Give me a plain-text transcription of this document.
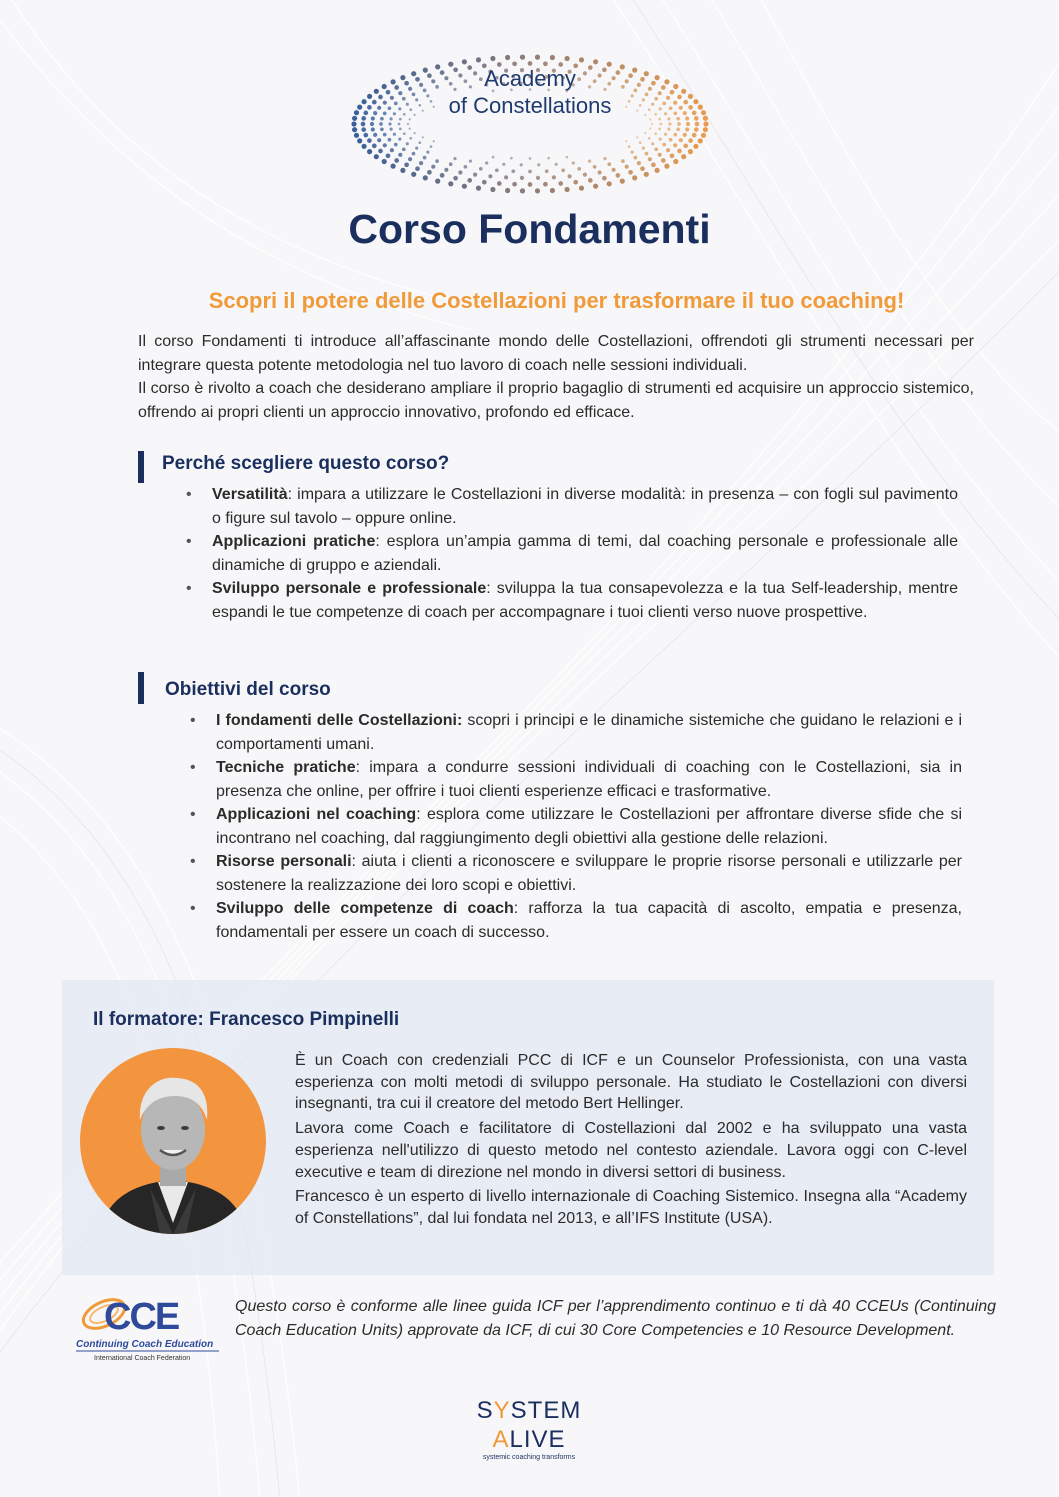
Academy
of Constellations
Corso Fondamenti
Scopri il potere delle Costellazioni per trasformare il tuo coaching!

Il corso Fondamenti ti introduce all’affascinante mondo delle Costellazioni, offrendoti gli strumenti necessari per integrare questa potente metodologia nel tuo lavoro di coach nelle sessioni individuali.

Il corso è rivolto a coach che desiderano ampliare il proprio bagaglio di strumenti ed acquisire un approccio sistemico, offrendo ai propri clienti un approccio innovativo, profondo ed efficace.

Perché scegliere questo corso?
• Versatilità: impara a utilizzare le Costellazioni in diverse modalità: in presenza – con fogli sul pavimento o figure sul tavolo – oppure online.
• Applicazioni pratiche: esplora un’ampia gamma di temi, dal coaching personale e professionale alle dinamiche di gruppo e aziendali.
• Sviluppo personale e professionale: sviluppa la tua consapevolezza e la tua Self-leadership, mentre espandi le tue competenze di coach per accompagnare i tuoi clienti verso nuove prospettive.
Obiettivi del corso
• I fondamenti delle Costellazioni: scopri i principi e le dinamiche sistemiche che guidano le relazioni e i comportamenti umani.
• Tecniche pratiche: impara a condurre sessioni individuali di coaching con le Costellazioni, sia in presenza che online, per offrire i tuoi clienti esperienze efficaci e trasformative.
• Applicazioni nel coaching: esplora come utilizzare le Costellazioni per affrontare diverse sfide che si incontrano nel coaching, dal raggiungimento degli obiettivi alla gestione delle relazioni.
• Risorse personali: aiuta i clienti a riconoscere e sviluppare le proprie risorse personali e utilizzarle per sostenere la realizzazione dei loro scopi e obiettivi.
• Sviluppo delle competenze di coach: rafforza la tua capacità di ascolto, empatia e presenza, fondamentali per essere un coach di successo.
Il formatore: Francesco Pimpinelli

È un Coach con credenziali PCC di ICF e un Counselor Professionista, con una vasta esperienza con molti metodi di sviluppo personale. Ha studiato le Costellazioni con diversi insegnanti, tra cui il creatore del metodo Bert Hellinger.

Lavora come Coach e facilitatore di Costellazioni dal 2002 e ha sviluppato una vasta esperienza nell'utilizzo di questo metodo nel contesto aziendale. Lavora oggi con C-level executive e team di direzione nel mondo in diversi settori di business.

Francesco è un esperto di livello internazionale di Coaching Sistemico. Insegna alla “Academy of Constellations”, dal lui fondata nel 2013, e all’IFS Institute (USA).

CCE
Continuing Coach Education
International Coach Federation

Questo corso è conforme alle linee guida ICF per l’apprendimento continuo e ti dà 40 CCEUs (Continuing Coach Education Units) approvate da ICF, di cui 30 Core Competencies e 10 Resource Development.

SYSTEM
ALIVE
systemic coaching transforms
